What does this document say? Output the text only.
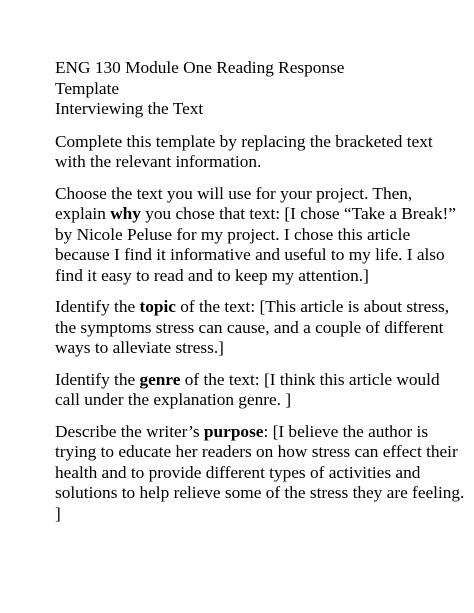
ENG 130 Module One Reading Response
Template
Interviewing the Text

Complete this template by replacing the bracketed text with the relevant information.

Choose the text you will use for your project. Then, explain why you chose that text: [I chose “Take a Break!” by Nicole Peluse for my project. I chose this article because I find it informative and useful to my life. I also find it easy to read and to keep my attention.]

Identify the topic of the text: [This article is about stress, the symptoms stress can cause, and a couple of different ways to alleviate stress.]

Identify the genre of the text: [I think this article would call under the explanation genre. ]

Describe the writer’s purpose: [I believe the author is trying to educate her readers on how stress can effect their health and to provide different types of activities and solutions to help relieve some of the stress they are feeling. ]
